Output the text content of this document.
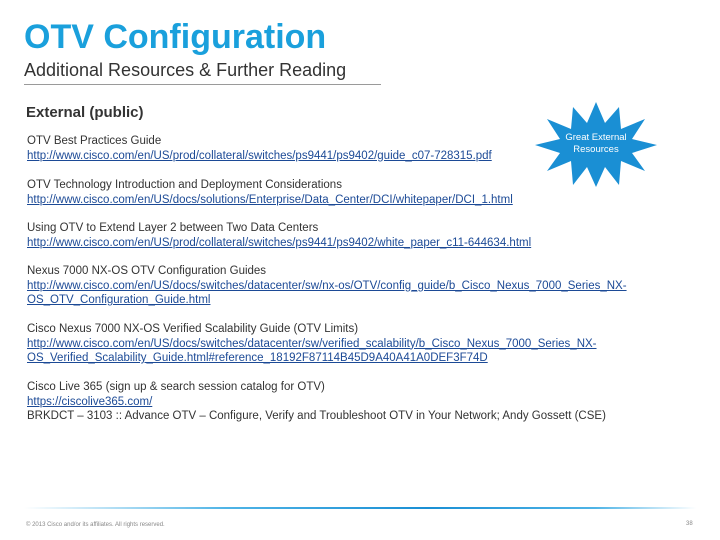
OTV Configuration
Additional Resources & Further Reading
External (public)
Great External Resources
OTV Best Practices Guide
http://www.cisco.com/en/US/prod/collateral/switches/ps9441/ps9402/guide_c07-728315.pdf
OTV Technology Introduction and Deployment Considerations
http://www.cisco.com/en/US/docs/solutions/Enterprise/Data_Center/DCI/whitepaper/DCI_1.html
Using OTV to Extend Layer 2 between Two Data Centers
http://www.cisco.com/en/US/prod/collateral/switches/ps9441/ps9402/white_paper_c11-644634.html
Nexus 7000 NX-OS OTV Configuration Guides
http://www.cisco.com/en/US/docs/switches/datacenter/sw/nx-os/OTV/config_guide/b_Cisco_Nexus_7000_Series_NX-
OS_OTV_Configuration_Guide.html
Cisco Nexus 7000 NX-OS Verified Scalability Guide (OTV Limits)
http://www.cisco.com/en/US/docs/switches/datacenter/sw/verified_scalability/b_Cisco_Nexus_7000_Series_NX-
OS_Verified_Scalability_Guide.html#reference_18192F87114B45D9A40A41A0DEF3F74D
Cisco Live 365 (sign up & search session catalog for OTV)
https://ciscolive365.com/
BRKDCT – 3103 :: Advance OTV – Configure, Verify and Troubleshoot OTV in Your Network; Andy Gossett (CSE)
© 2013 Cisco and/or its affiliates. All rights reserved.	38
